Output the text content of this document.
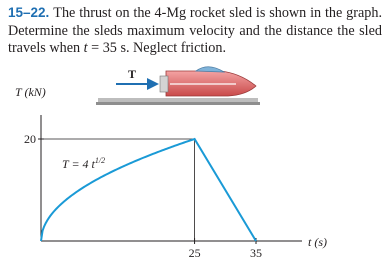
15–22. The thrust on the 4-Mg rocket sled is shown in the graph. Determine the sleds maximum velocity and the distance the sled travels when t = 35 s. Neglect friction.
T
T (kN)
t (s)
25	35
20
T = 4 $t^{1/2}$
